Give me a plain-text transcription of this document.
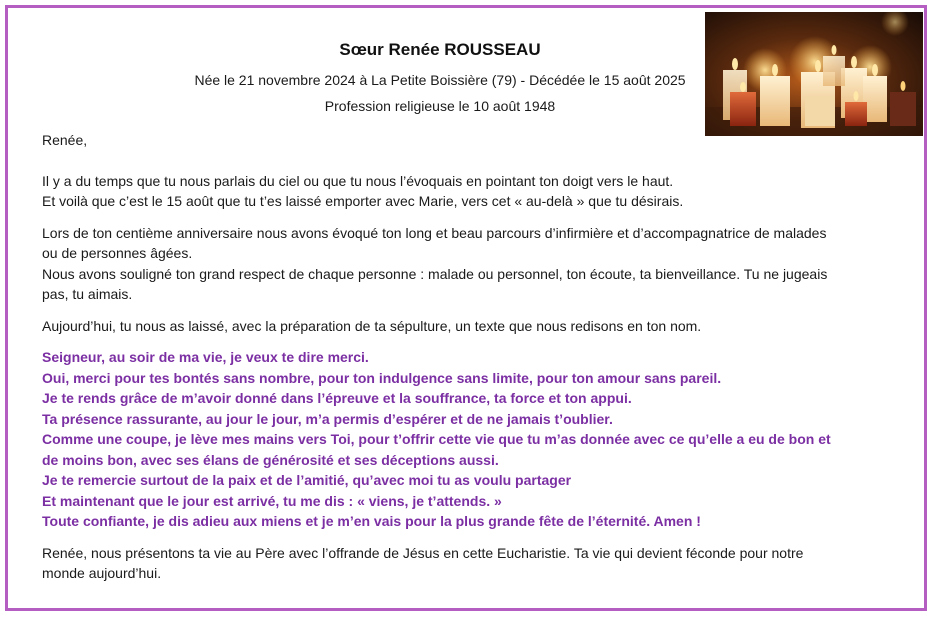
Sœur Renée ROUSSEAU
Née le 21 novembre 2024 à La Petite Boissière (79) - Décédée le 15 août 2025
Profession religieuse le 10 août 1948

Renée,

Il y a du temps que tu nous parlais du ciel ou que tu nous l’évoquais en pointant ton doigt vers le haut.

Et voilà que c’est le 15 août que tu t’es laissé emporter avec Marie, vers cet « au-delà » que tu désirais.

Lors de ton centième anniversaire nous avons évoqué ton long et beau parcours d’infirmière et d’accompagnatrice de malades ou de personnes âgées.

Nous avons souligné ton grand respect de chaque personne : malade ou personnel, ton écoute, ta bienveillance. Tu ne jugeais pas, tu aimais.

Aujourd’hui, tu nous as laissé, avec la préparation de ta sépulture, un texte que nous redisons en ton nom.

Seigneur, au soir de ma vie, je veux te dire merci.

Oui, merci pour tes bontés sans nombre, pour ton indulgence sans limite, pour ton amour sans pareil.

Je te rends grâce de m’avoir donné dans l’épreuve et la souffrance, ta force et ton appui.

Ta présence rassurante, au jour le jour, m’a permis d’espérer et de ne jamais t’oublier.

Comme une coupe, je lève mes mains vers Toi, pour t’offrir cette vie que tu m’as donnée avec ce qu’elle a eu de bon et de moins bon, avec ses élans de générosité et ses déceptions aussi.

Je te remercie surtout de la paix et de l’amitié, qu’avec moi tu as voulu partager

Et maintenant que le jour est arrivé, tu me dis : « viens, je t’attends. »

Toute confiante, je dis adieu aux miens et je m’en vais pour la plus grande fête de l’éternité. Amen !

Renée, nous présentons ta vie au Père avec l’offrande de Jésus en cette Eucharistie. Ta vie qui devient féconde pour notre monde aujourd’hui.
